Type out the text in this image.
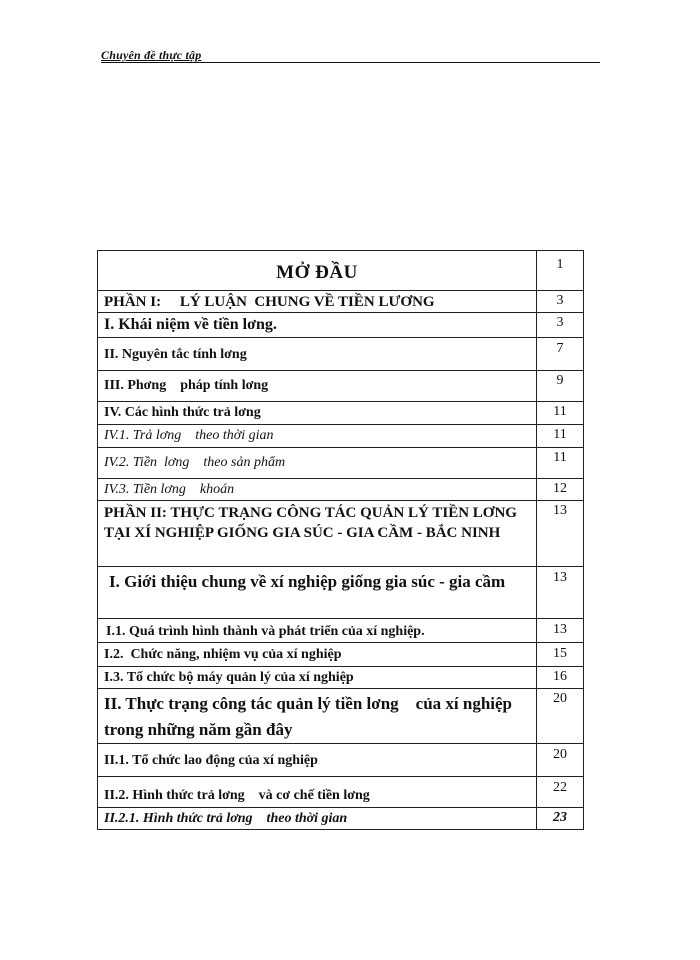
Chuyên đề thực tập
MỞ ĐẦU	1

PHẦN I:     LÝ LUẬN  CHUNG VỀ TIỀN LƯƠNG	3

I. Khái niệm về tiền lơng.	3

II. Nguyên tắc tính lơng	7

III. Phơng    pháp tính lơng	9

IV. Các hình thức trả lơng	11

IV.1. Trả lơng    theo thời gian	11

IV.2. Tiền  lơng    theo sản phẩm	11

IV.3. Tiền lơng    khoán	12

PHẦN II: THỰC TRẠNG CÔNG TÁC QUẢN LÝ TIỀN LƠNG    TẠI XÍ NGHIỆP GIỐNG GIA SÚC - GIA CẦM - BẮC NINH	13

I. Giới thiệu chung về xí nghiệp giống gia súc - gia cầm	13

I.1. Quá trình hình thành và phát triển của xí nghiệp.	13

I.2.  Chức năng, nhiệm vụ của xí nghiệp	15

I.3. Tổ chức bộ máy quản lý của xí nghiệp	16

II. Thực trạng công tác quản lý tiền lơng    của xí nghiệp trong những năm gần đây	20

II.1. Tổ chức lao động của xí nghiệp	20

II.2. Hình thức trả lơng    và cơ chế tiền lơng	22

II.2.1. Hình thức trả lơng    theo thời gian	23
